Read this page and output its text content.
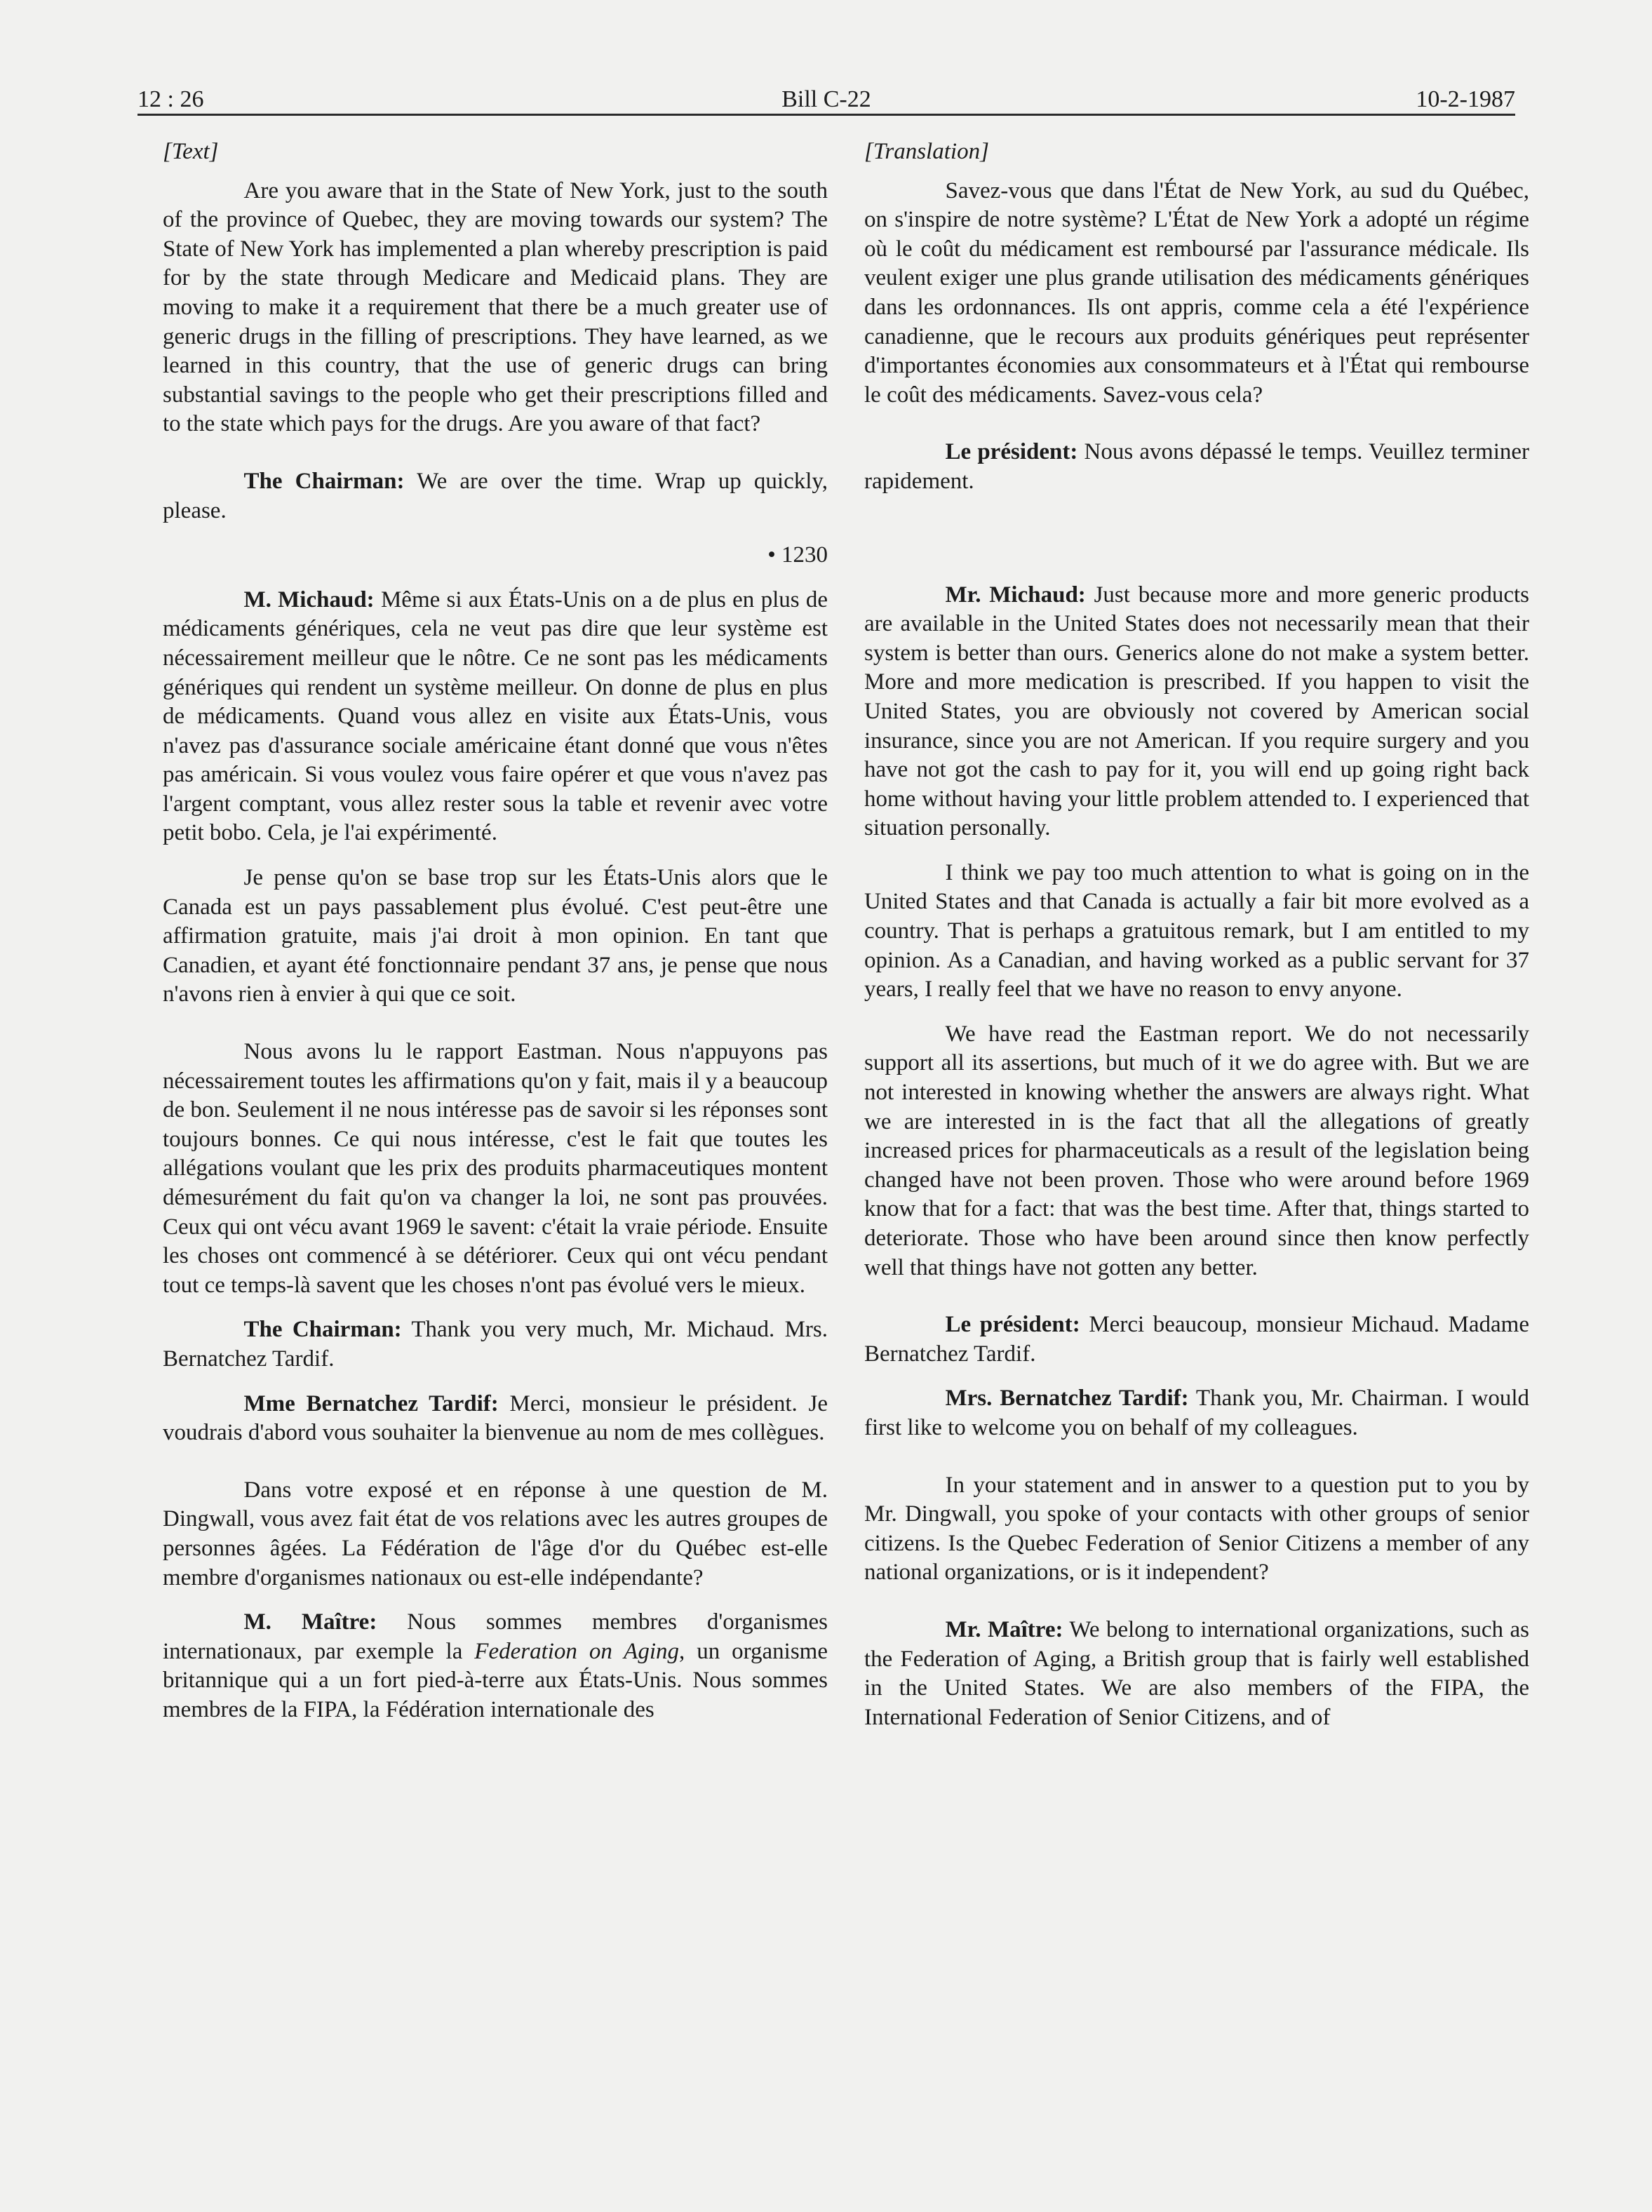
12 : 26	Bill C-22	10-2-1987

[Text]

Are you aware that in the State of New York, just to the south of the province of Quebec, they are moving towards our system? The State of New York has implemented a plan whereby prescription is paid for by the state through Medicare and Medicaid plans. They are moving to make it a requirement that there be a much greater use of generic drugs in the filling of prescriptions. They have learned, as we learned in this country, that the use of generic drugs can bring substantial savings to the people who get their prescriptions filled and to the state which pays for the drugs. Are you aware of that fact?

The Chairman: We are over the time. Wrap up quickly, please.

• 1230

M. Michaud: Même si aux États-Unis on a de plus en plus de médicaments génériques, cela ne veut pas dire que leur système est nécessairement meilleur que le nôtre. Ce ne sont pas les médicaments génériques qui rendent un système meilleur. On donne de plus en plus de médicaments. Quand vous allez en visite aux États-Unis, vous n'avez pas d'assurance sociale américaine étant donné que vous n'êtes pas américain. Si vous voulez vous faire opérer et que vous n'avez pas l'argent comptant, vous allez rester sous la table et revenir avec votre petit bobo. Cela, je l'ai expérimenté.

Je pense qu'on se base trop sur les États-Unis alors que le Canada est un pays passablement plus évolué. C'est peut-être une affirmation gratuite, mais j'ai droit à mon opinion. En tant que Canadien, et ayant été fonctionnaire pendant 37 ans, je pense que nous n'avons rien à envier à qui que ce soit.

Nous avons lu le rapport Eastman. Nous n'appuyons pas nécessairement toutes les affirmations qu'on y fait, mais il y a beaucoup de bon. Seulement il ne nous intéresse pas de savoir si les réponses sont toujours bonnes. Ce qui nous intéresse, c'est le fait que toutes les allégations voulant que les prix des produits pharmaceutiques montent démesurément du fait qu'on va changer la loi, ne sont pas prouvées. Ceux qui ont vécu avant 1969 le savent: c'était la vraie période. Ensuite les choses ont commencé à se détériorer. Ceux qui ont vécu pendant tout ce temps-là savent que les choses n'ont pas évolué vers le mieux.

The Chairman: Thank you very much, Mr. Michaud. Mrs. Bernatchez Tardif.

Mme Bernatchez Tardif: Merci, monsieur le président. Je voudrais d'abord vous souhaiter la bienvenue au nom de mes collègues.

Dans votre exposé et en réponse à une question de M. Dingwall, vous avez fait état de vos relations avec les autres groupes de personnes âgées. La Fédération de l'âge d'or du Québec est-elle membre d'organismes nationaux ou est-elle indépendante?

M. Maître: Nous sommes membres d'organismes internationaux, par exemple la Federation on Aging, un organisme britannique qui a un fort pied-à-terre aux États-Unis. Nous sommes membres de la FIPA, la Fédération internationale des

[Translation]

Savez-vous que dans l'État de New York, au sud du Québec, on s'inspire de notre système? L'État de New York a adopté un régime où le coût du médicament est remboursé par l'assurance médicale. Ils veulent exiger une plus grande utilisation des médicaments génériques dans les ordonnances. Ils ont appris, comme cela a été l'expérience canadienne, que le recours aux produits génériques peut représenter d'importantes économies aux consommateurs et à l'État qui rembourse le coût des médicaments. Savez-vous cela?

Le président: Nous avons dépassé le temps. Veuillez terminer rapidement.

Mr. Michaud: Just because more and more generic products are available in the United States does not necessarily mean that their system is better than ours. Generics alone do not make a system better. More and more medication is prescribed. If you happen to visit the United States, you are obviously not covered by American social insurance, since you are not American. If you require surgery and you have not got the cash to pay for it, you will end up going right back home without having your little problem attended to. I experienced that situation personally.

I think we pay too much attention to what is going on in the United States and that Canada is actually a fair bit more evolved as a country. That is perhaps a gratuitous remark, but I am entitled to my opinion. As a Canadian, and having worked as a public servant for 37 years, I really feel that we have no reason to envy anyone.

We have read the Eastman report. We do not necessarily support all its assertions, but much of it we do agree with. But we are not interested in knowing whether the answers are always right. What we are interested in is the fact that all the allegations of greatly increased prices for pharmaceuticals as a result of the legislation being changed have not been proven. Those who were around before 1969 know that for a fact: that was the best time. After that, things started to deteriorate. Those who have been around since then know perfectly well that things have not gotten any better.

Le président: Merci beaucoup, monsieur Michaud. Madame Bernatchez Tardif.

Mrs. Bernatchez Tardif: Thank you, Mr. Chairman. I would first like to welcome you on behalf of my colleagues.

In your statement and in answer to a question put to you by Mr. Dingwall, you spoke of your contacts with other groups of senior citizens. Is the Quebec Federation of Senior Citizens a member of any national organizations, or is it independent?

Mr. Maître: We belong to international organizations, such as the Federation of Aging, a British group that is fairly well established in the United States. We are also members of the FIPA, the International Federation of Senior Citizens, and of
